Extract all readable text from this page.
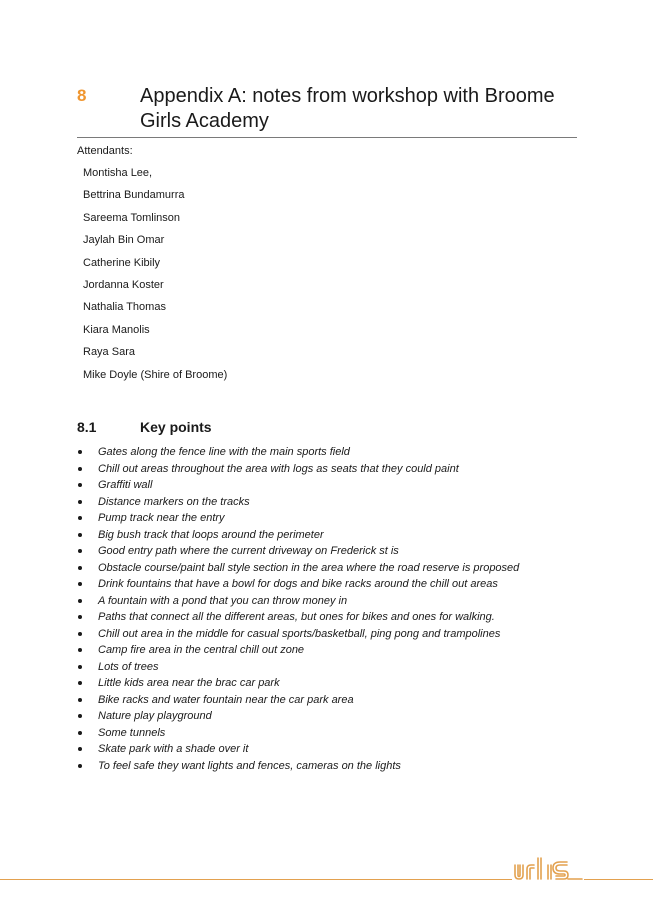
8	Appendix A: notes from workshop with Broome Girls Academy
Attendants:
Montisha Lee,
Bettrina Bundamurra
Sareema Tomlinson
Jaylah Bin Omar
Catherine Kibily
Jordanna Koster
Nathalia Thomas
Kiara Manolis
Raya Sara
Mike Doyle (Shire of Broome)
8.1	Key points
Gates along the fence line with the main sports field
Chill out areas throughout the area with logs as seats that they could paint
Graffiti wall
Distance markers on the tracks
Pump track near the entry
Big bush track that loops around the perimeter
Good entry path where the current driveway on Frederick st is
Obstacle course/paint ball style section in the area where the road reserve is proposed
Drink fountains that have a bowl for dogs and bike racks around the chill out areas
A fountain with a pond that you can throw money in
Paths that connect all the different areas, but ones for bikes and ones for walking.
Chill out area in the middle for casual sports/basketball, ping pong and trampolines
Camp fire area in the central chill out zone
Lots of trees
Little kids area near the brac car park
Bike racks and water fountain near the car park area
Nature play playground
Some tunnels
Skate park with a shade over it
To feel safe they want lights and fences, cameras on the lights
